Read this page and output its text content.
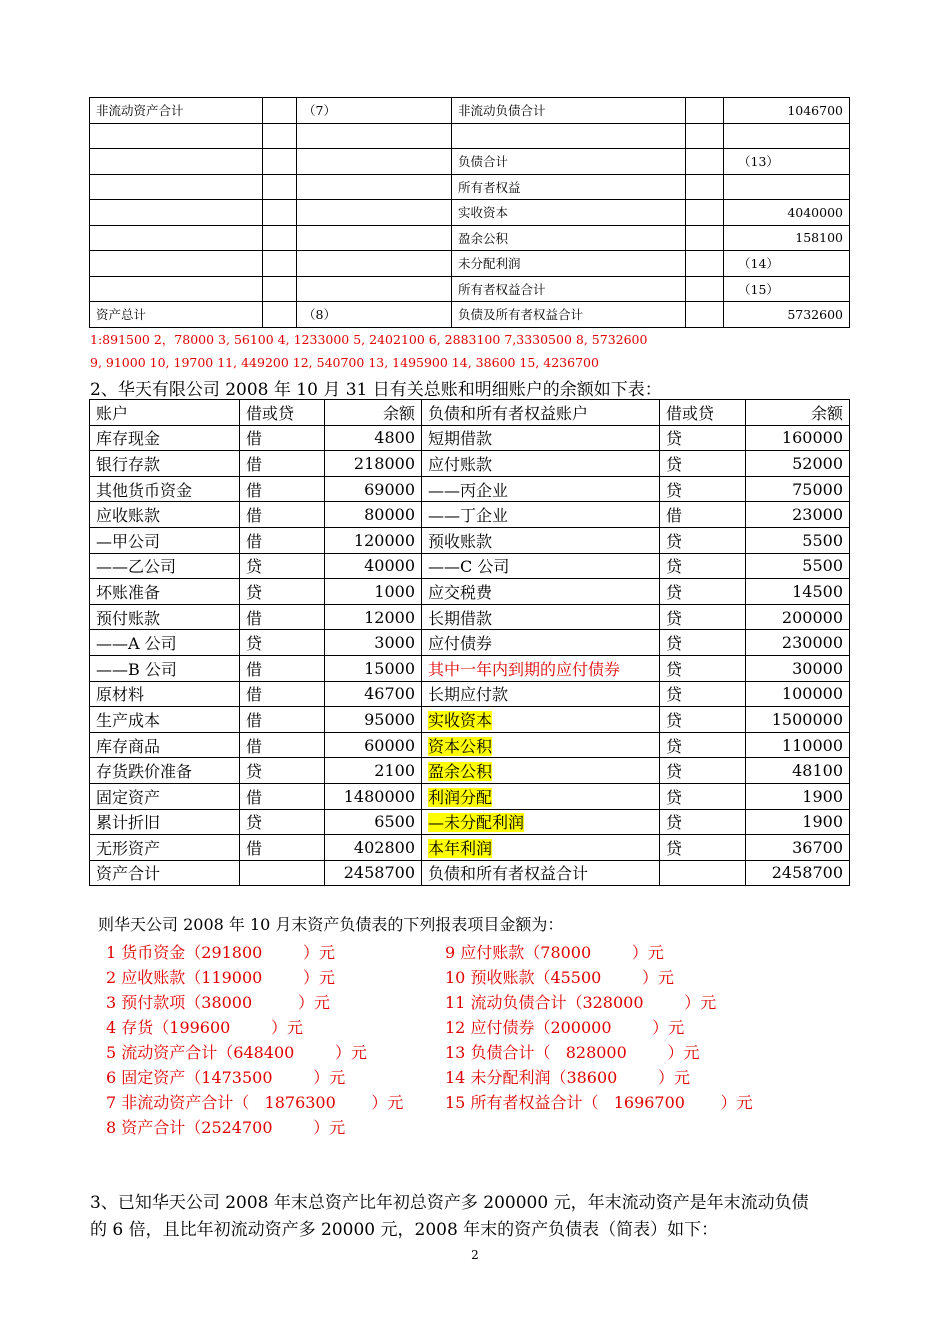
非流动资产合计		（7）	非流动负债合计		1046700

			负债合计		（13）
			所有者权益		
			实收资本		4040000
			盈余公积		158100
			未分配利润		（14）
			所有者权益合计		（15）
资产总计		（8）	负债及所有者权益合计		5732600
1:891500 2，78000 3, 56100 4, 1233000 5, 2402100 6, 2883100 7,3330500 8, 5732600
9, 91000 10, 19700 11, 449200 12, 540700 13, 1495900 14, 38600 15, 4236700
2、华天有限公司 2008 年 10 月 31 日有关总账和明细账户的余额如下表：
账户	借或贷	余额	负债和所有者权益账户	借或贷	余额
库存现金	借	4800	短期借款	贷	160000
银行存款	借	218000	应付账款	贷	52000
其他货币资金	借	69000	——丙企业	贷	75000
应收账款	借	80000	——丁企业	借	23000
—甲公司	借	120000	预收账款	贷	5500
——乙公司	贷	40000	——C 公司	贷	5500
坏账准备	贷	1000	应交税费	贷	14500
预付账款	借	12000	长期借款	贷	200000
——A 公司	贷	3000	应付债券	贷	230000
——B 公司	借	15000	其中一年内到期的应付债券	贷	30000
原材料	借	46700	长期应付款	贷	100000
生产成本	借	95000	实收资本	贷	1500000
库存商品	借	60000	资本公积	贷	110000
存货跌价准备	贷	2100	盈余公积	贷	48100
固定资产	借	1480000	利润分配	贷	1900
累计折旧	贷	6500	—未分配利润	贷	1900
无形资产	借	402800	本年利润	贷	36700
资产合计		2458700	负债和所有者权益合计		2458700
则华天公司 2008 年 10 月末资产负债表的下列报表项目金额为：
1 货币资金（291800        ）元
2 应收账款（119000        ）元
3 预付款项（38000         ）元
4 存货（199600        ）元
5 流动资产合计（648400        ）元
6 固定资产（1473500        ）元
7 非流动资产合计（   1876300       ）元
8 资产合计（2524700        ）元
9 应付账款（78000        ）元
10 预收账款（45500        ）元
11 流动负债合计（328000        ）元
12 应付债券（200000        ）元
13 负债合计（   828000        ）元
14 未分配利润（38600        ）元
15 所有者权益合计（   1696700       ）元
3、已知华天公司 2008 年末总资产比年初总资产多 200000 元，年末流动资产是年末流动负债
的 6 倍，且比年初流动资产多 20000 元，2008 年末的资产负债表（简表）如下：
2
